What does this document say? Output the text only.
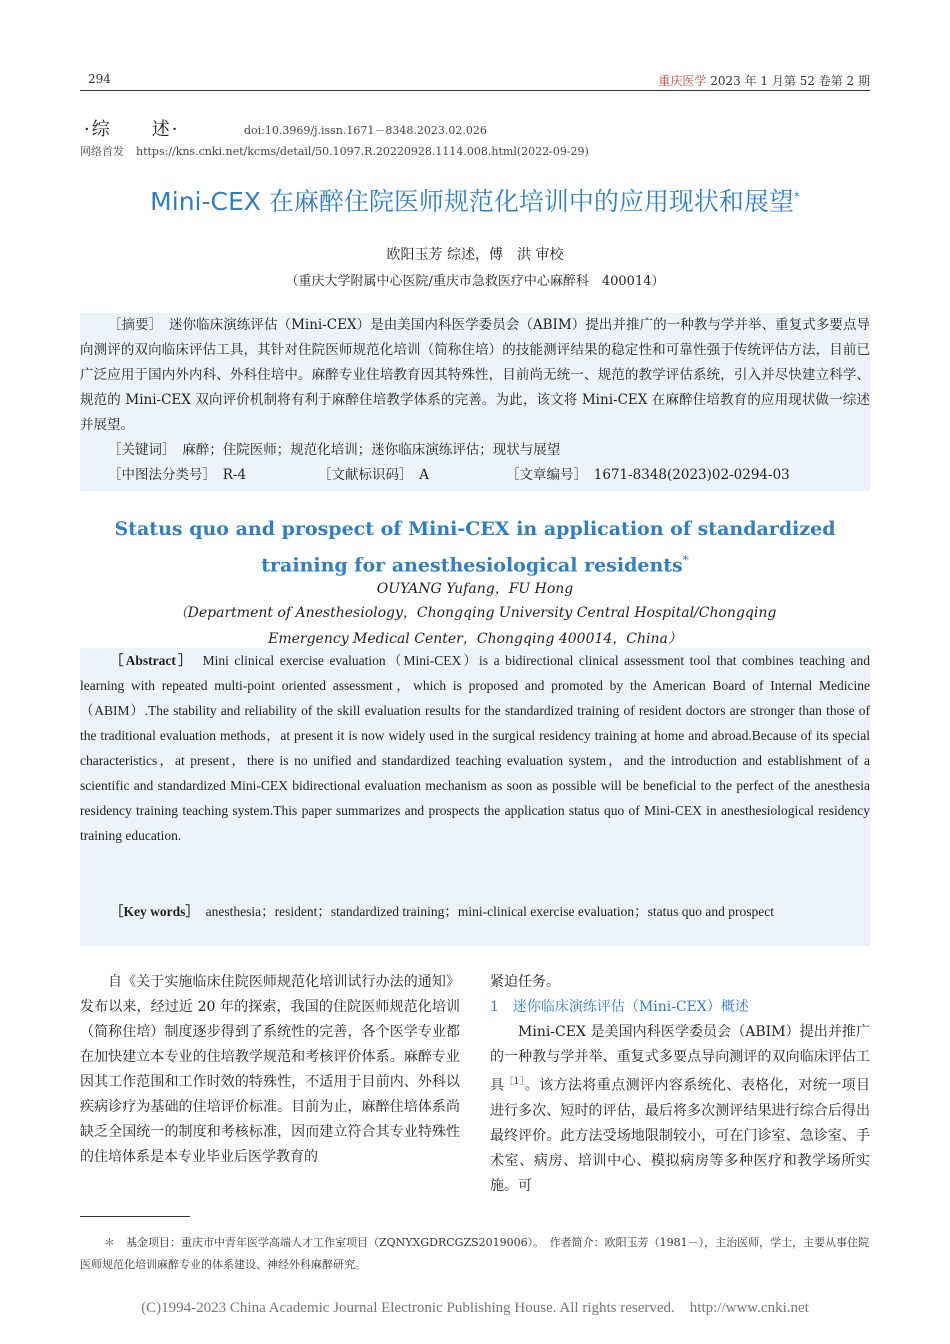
294	重庆医学 2023 年 1 月第 52 卷第 2 期
·综　　述·	doi:10.3969/j.issn.1671－8348.2023.02.026
网络首发 https://kns.cnki.net/kcms/detail/50.1097.R.20220928.1114.008.html(2022-09-29)
Mini-CEX 在麻醉住院医师规范化培训中的应用现状和展望*
欧阳玉芳 综述，傅　洪 审校
（重庆大学附属中心医院/重庆市急救医疗中心麻醉科　400014）
［摘要］　 迷你临床演练评估（Mini-CEX）是由美国内科医学委员会（ABIM）提出并推广的一种教与学并举、重复式多要点导向测评的双向临床评估工具，其针对住院医师规范化培训（简称住培）的技能测评结果的稳定性和可靠性强于传统评估方法，目前已广泛应用于国内外内科、外科住培中。麻醉专业住培教育因其特殊性，目前尚无统一、规范的教学评估系统，引入并尽快建立科学、规范的 Mini-CEX 双向评价机制将有利于麻醉住培教学体系的完善。为此，该文将 Mini-CEX 在麻醉住培教育的应用现状做一综述并展望。
［关键词］　 麻醉；住院医师；规范化培训；迷你临床演练评估；现状与展望
［中图法分类号］　 R-4	［文献标识码］　 A	［文章编号］　 1671-8348(2023)02-0294-03
Status quo and prospect of Mini-CEX in application of standardized
training for anesthesiological residents*
OUYANG Yufang，FU Hong
（Department of Anesthesiology，Chongqing University Central Hospital/Chongqing
Emergency Medical Center，Chongqing 400014，China）
［Abstract］　 Mini clinical exercise evaluation（Mini-CEX）is a bidirectional clinical assessment tool that combines teaching and learning with repeated multi-point oriented assessment，which is proposed and promoted by the American Board of Internal Medicine（ABIM）.The stability and reliability of the skill evaluation results for the standardized training of resident doctors are stronger than those of the traditional evaluation methods，at present it is now widely used in the surgical residency training at home and abroad.Because of its special characteristics，at present，there is no unified and standardized teaching evaluation system，and the introduction and establishment of a scientific and standardized Mini-CEX bidirectional evaluation mechanism as soon as possible will be beneficial to the perfect of the anesthesia residency training teaching system.This paper summarizes and prospects the application status quo of Mini-CEX in anesthesiological residency training education.
［Key words］　 anesthesia；resident；standardized training；mini-clinical exercise evaluation；status quo and prospect
自《关于实施临床住院医师规范化培训试行办法的通知》发布以来，经过近 20 年的探索，我国的住院医师规范化培训（简称住培）制度逐步得到了系统性的完善，各个医学专业都在加快建立本专业的住培教学规范和考核评价体系。麻醉专业因其工作范围和工作时效的特殊性，不适用于目前内、外科以疾病诊疗为基础的住培评价标准。目前为止，麻醉住培体系尚缺乏全国统一的制度和考核标准，因而建立符合其专业特殊性的住培体系是本专业毕业后医学教育的
紧迫任务。
1　迷你临床演练评估（Mini-CEX）概述
Mini-CEX 是美国内科医学委员会（ABIM）提出并推广的一种教与学并举、重复式多要点导向测评的双向临床评估工具$^{[1]}$。该方法将重点测评内容系统化、表格化，对统一项目进行多次、短时的评估，最后将多次测评结果进行综合后得出最终评价。此方法受场地限制较小，可在门诊室、急诊室、手术室、病房、培训中心、模拟病房等多种医疗和教学场所实施。可
＊　 基金项目：重庆市中青年医学高端人才工作室项目（ZQNYXGDRCGZS2019006）。　 作者简介：欧阳玉芳（1981－），主治医师，学士，主要从事住院医师规范化培训麻醉专业的体系建设、神经外科麻醉研究。
(C)1994-2023 China Academic Journal Electronic Publishing House. All rights reserved.　http://www.cnki.net
